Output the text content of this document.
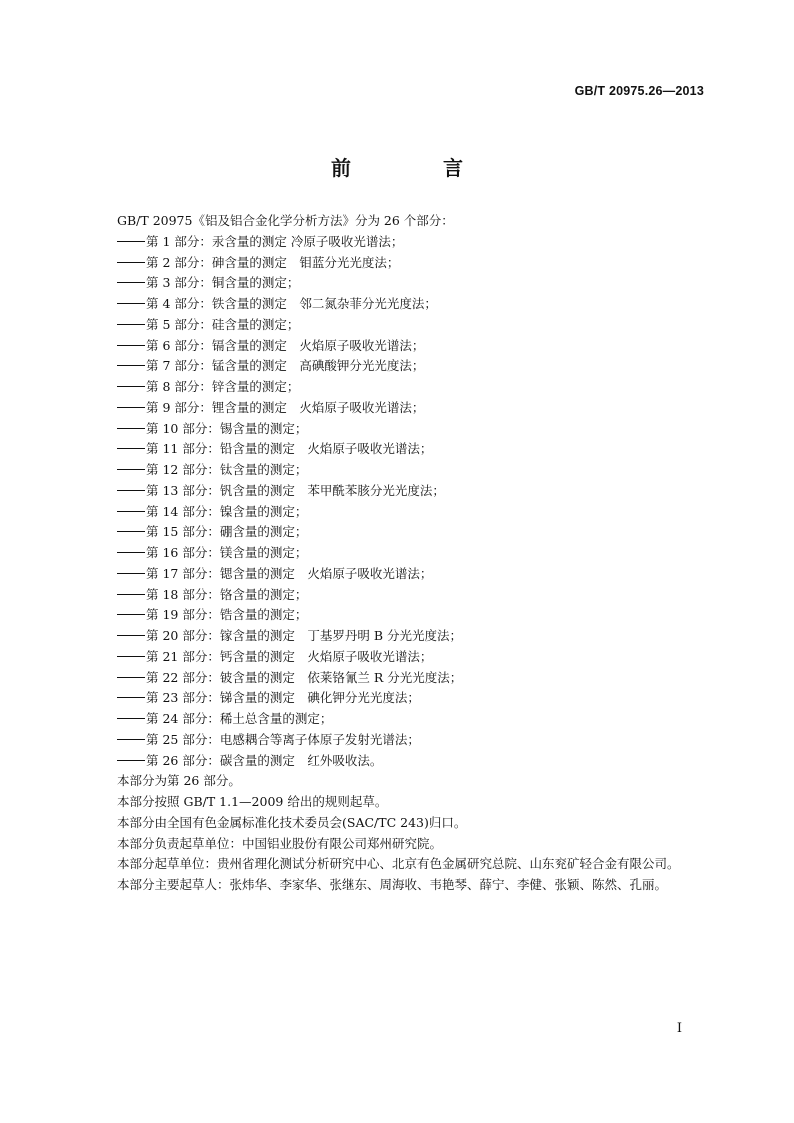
GB/T 20975.26—2013
前　言
GB/T 20975《铝及铝合金化学分析方法》分为 26 个部分：
第 1 部分：汞含量的测定 冷原子吸收光谱法；
第 2 部分：砷含量的测定　钼蓝分光光度法；
第 3 部分：铜含量的测定；
第 4 部分：铁含量的测定　邻二氮杂菲分光光度法；
第 5 部分：硅含量的测定；
第 6 部分：镉含量的测定　火焰原子吸收光谱法；
第 7 部分：锰含量的测定　高碘酸钾分光光度法；
第 8 部分：锌含量的测定；
第 9 部分：锂含量的测定　火焰原子吸收光谱法；
第 10 部分：锡含量的测定；
第 11 部分：铅含量的测定　火焰原子吸收光谱法；
第 12 部分：钛含量的测定；
第 13 部分：钒含量的测定　苯甲酰苯胲分光光度法；
第 14 部分：镍含量的测定；
第 15 部分：硼含量的测定；
第 16 部分：镁含量的测定；
第 17 部分：锶含量的测定　火焰原子吸收光谱法；
第 18 部分：铬含量的测定；
第 19 部分：锆含量的测定；
第 20 部分：镓含量的测定　丁基罗丹明 B 分光光度法；
第 21 部分：钙含量的测定　火焰原子吸收光谱法；
第 22 部分：铍含量的测定　依莱铬氰兰 R 分光光度法；
第 23 部分：锑含量的测定　碘化钾分光光度法；
第 24 部分：稀土总含量的测定；
第 25 部分：电感耦合等离子体原子发射光谱法；
第 26 部分：碳含量的测定　红外吸收法。
本部分为第 26 部分。
本部分按照 GB/T 1.1—2009 给出的规则起草。
本部分由全国有色金属标准化技术委员会(SAC/TC 243)归口。
本部分负责起草单位：中国铝业股份有限公司郑州研究院。
本部分起草单位：贵州省理化测试分析研究中心、北京有色金属研究总院、山东兖矿轻合金有限公司。
本部分主要起草人：张炜华、李家华、张继东、周海收、韦艳琴、薛宁、李健、张颖、陈然、孔丽。
I
